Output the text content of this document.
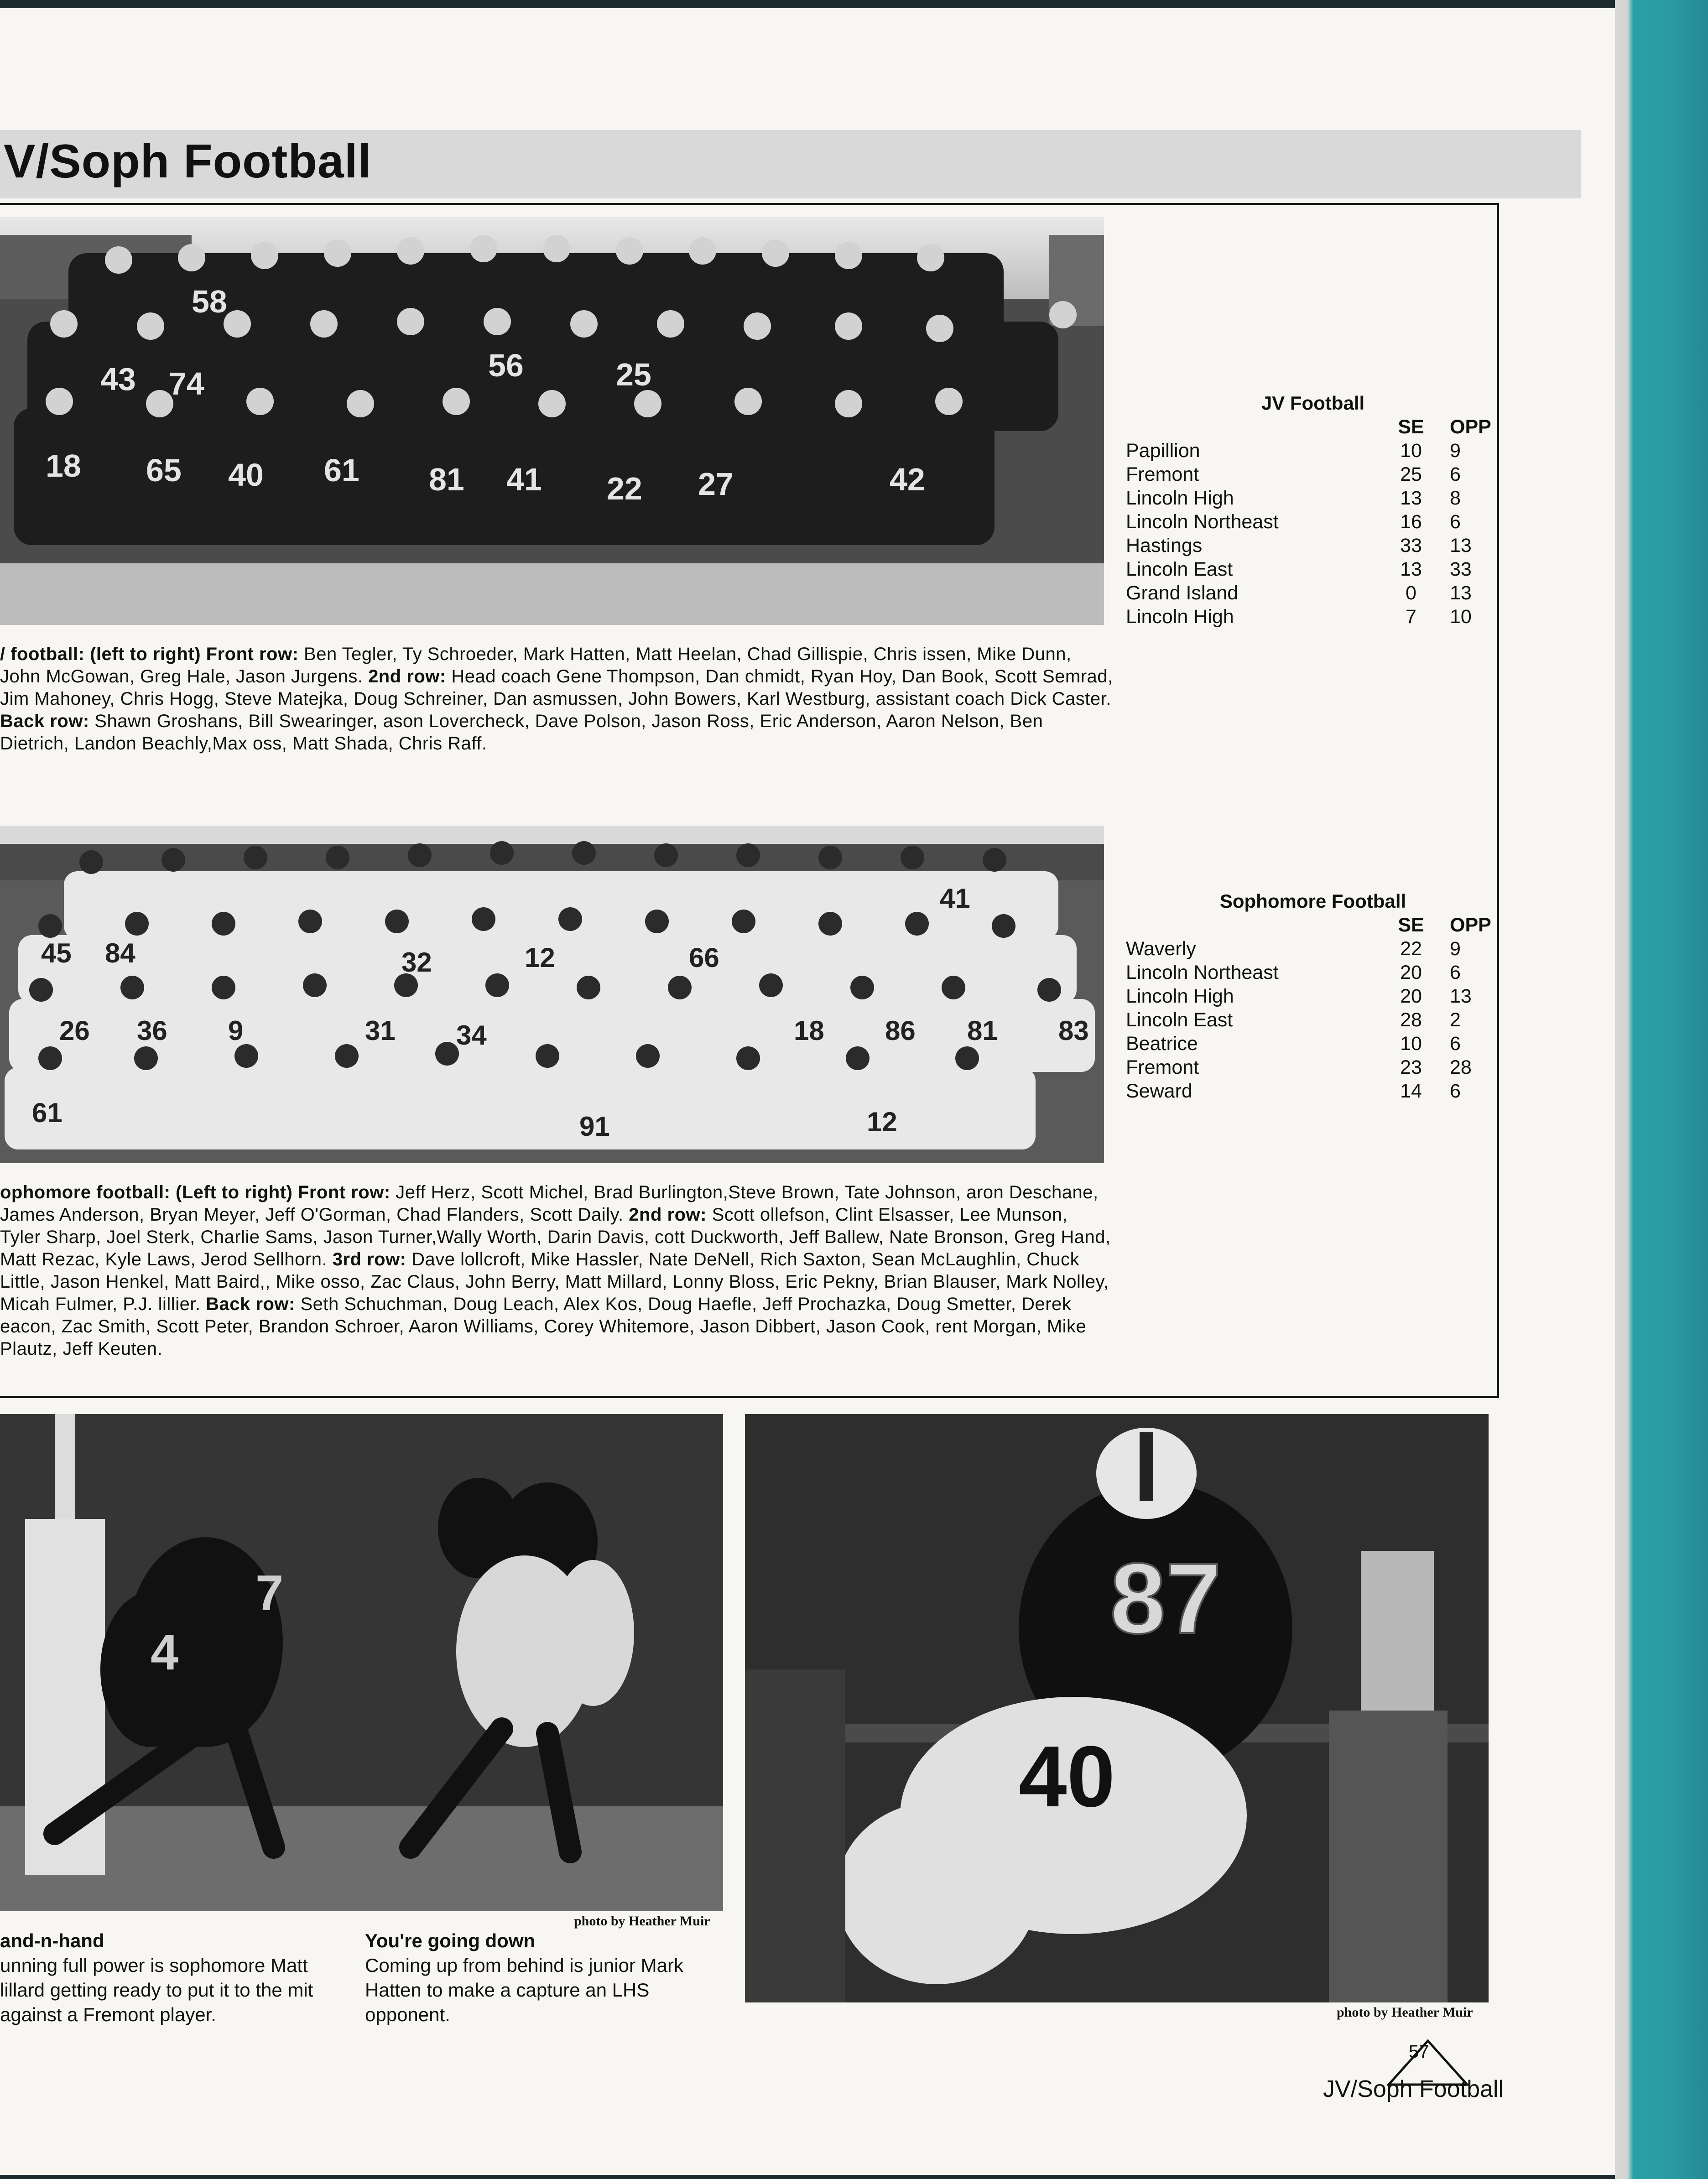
V/Soph Football
58
56	25
18 65 40 61 81 41 22 27	42
43 74
/ football: (left to right) Front row: Ben Tegler, Ty Schroeder, Mark Hatten, Matt Heelan, Chad Gillispie, Chris issen, Mike Dunn, John McGowan, Greg Hale, Jason Jurgens. 2nd row: Head coach Gene Thompson, Dan chmidt, Ryan Hoy, Dan Book, Scott Semrad, Jim Mahoney, Chris Hogg, Steve Matejka, Doug Schreiner, Dan asmussen, John Bowers, Karl Westburg, assistant coach Dick Caster. Back row: Shawn Groshans, Bill Swearinger, ason Lovercheck, Dave Polson, Jason Ross, Eric Anderson, Aaron Nelson, Ben Dietrich, Landon Beachly,Max oss, Matt Shada, Chris Raff.
JV Football
SE	OPP
Papillion	10	9
Fremont	25	6
Lincoln High	13	8
Lincoln Northeast	16	6
Hastings	33	13
Lincoln East	13	33
Grand Island	0	13
Lincoln High	7	10
45 84	32	12	66
41
26 36 9	31 34	18 86 81 83
61	91	12
ophomore football: (Left to right) Front row: Jeff Herz, Scott Michel, Brad Burlington,Steve Brown, Tate Johnson, aron Deschane, James Anderson, Bryan Meyer, Jeff O'Gorman, Chad Flanders, Scott Daily. 2nd row: Scott ollefson, Clint Elsasser, Lee Munson, Tyler Sharp, Joel Sterk, Charlie Sams, Jason Turner,Wally Worth, Darin Davis, cott Duckworth, Jeff Ballew, Nate Bronson, Greg Hand, Matt Rezac, Kyle Laws, Jerod Sellhorn. 3rd row: Dave lollcroft, Mike Hassler, Nate DeNell, Rich Saxton, Sean McLaughlin, Chuck Little, Jason Henkel, Matt Baird,, Mike osso, Zac Claus, John Berry, Matt Millard, Lonny Bloss, Eric Pekny, Brian Blauser, Mark Nolley, Micah Fulmer, P.J. lillier. Back row: Seth Schuchman, Doug Leach, Alex Kos, Doug Haefle, Jeff Prochazka, Doug Smetter, Derek eacon, Zac Smith, Scott Peter, Brandon Schroer, Aaron Williams, Corey Whitemore, Jason Dibbert, Jason Cook, rent Morgan, Mike Plautz, Jeff Keuten.
Sophomore Football
SE	OPP
Waverly	22	9
Lincoln Northeast	20	6
Lincoln High	20	13
Lincoln East	28	2
Beatrice	10	6
Fremont	23	28
Seward	14	6
7
4
photo by Heather Muir
and-n-hand
unning full power is sophomore Matt lillard getting ready to put it to the mit against a Fremont player.
You're going down
Coming up from behind is junior Mark Hatten to make a capture an LHS opponent.
87
40
photo by Heather Muir
57
JV/Soph Football
